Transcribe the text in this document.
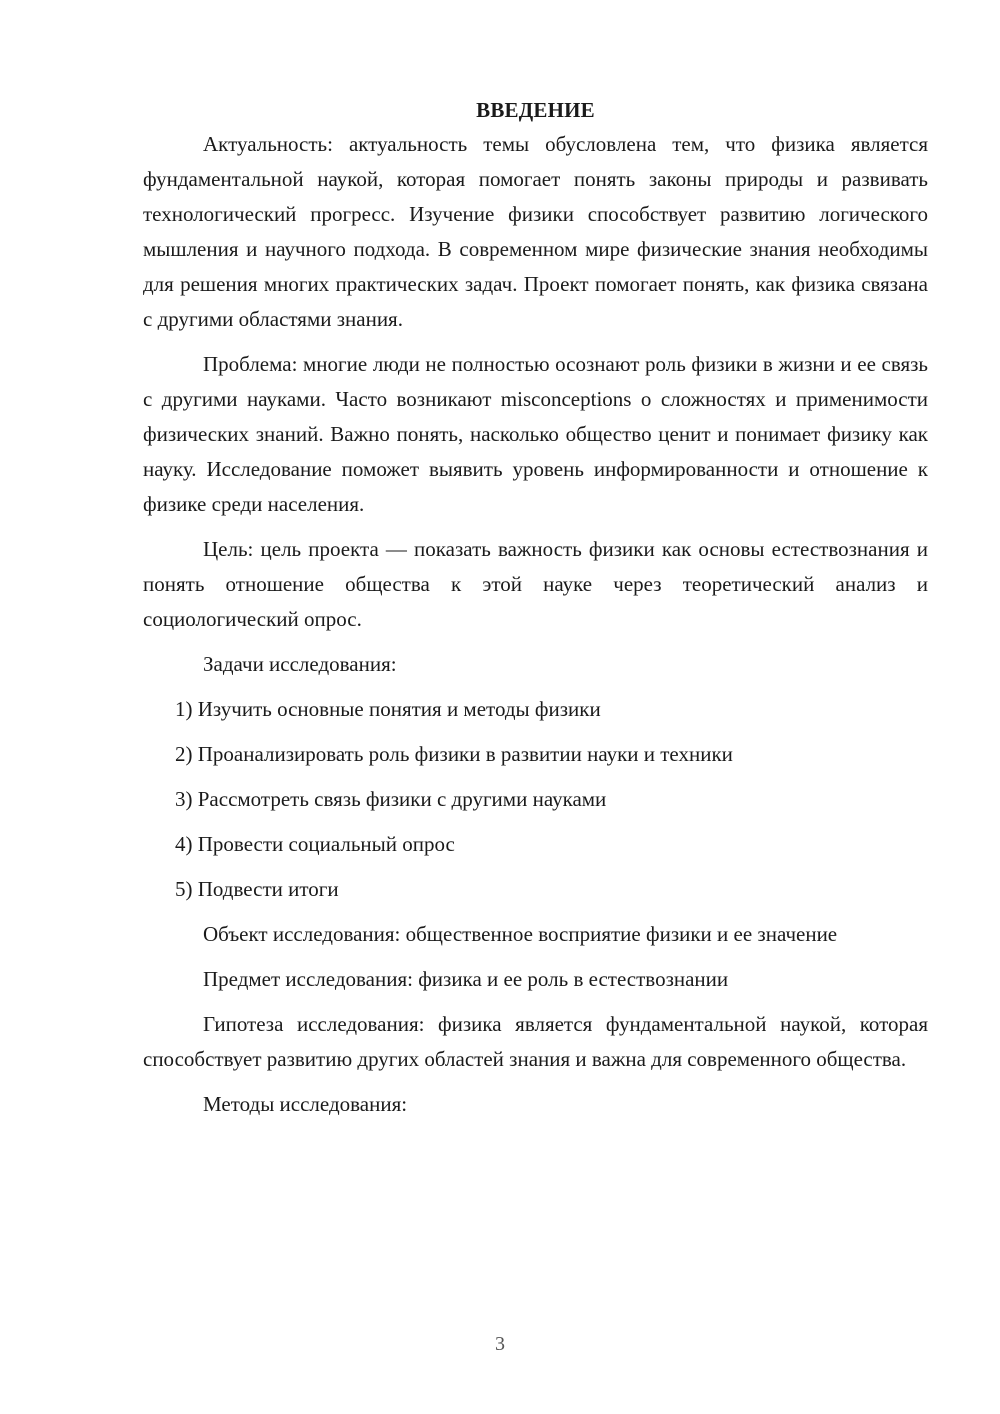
ВВЕДЕНИЕ

Актуальность: актуальность темы обусловлена тем, что физика является фундаментальной наукой, которая помогает понять законы природы и развивать технологический прогресс. Изучение физики способствует развитию логического мышления и научного подхода. В современном мире физические знания необходимы для решения многих практических задач. Проект помогает понять, как физика связана с другими областями знания.

Проблема: многие люди не полностью осознают роль физики в жизни и ее связь с другими науками. Часто возникают misconceptions о сложностях и применимости физических знаний. Важно понять, насколько общество ценит и понимает физику как науку. Исследование поможет выявить уровень информированности и отношение к физике среди населения.

Цель: цель проекта — показать важность физики как основы естествознания и понять отношение общества к этой науке через теоретический анализ и социологический опрос.

Задачи исследования:
1) Изучить основные понятия и методы физики
2) Проанализировать роль физики в развитии науки и техники
3) Рассмотреть связь физики с другими науками
4) Провести социальный опрос
5) Подвести итоги

Объект исследования: общественное восприятие физики и ее значение

Предмет исследования: физика и ее роль в естествознании

Гипотеза исследования: физика является фундаментальной наукой, которая способствует развитию других областей знания и важна для современного общества.

Методы исследования:
3
